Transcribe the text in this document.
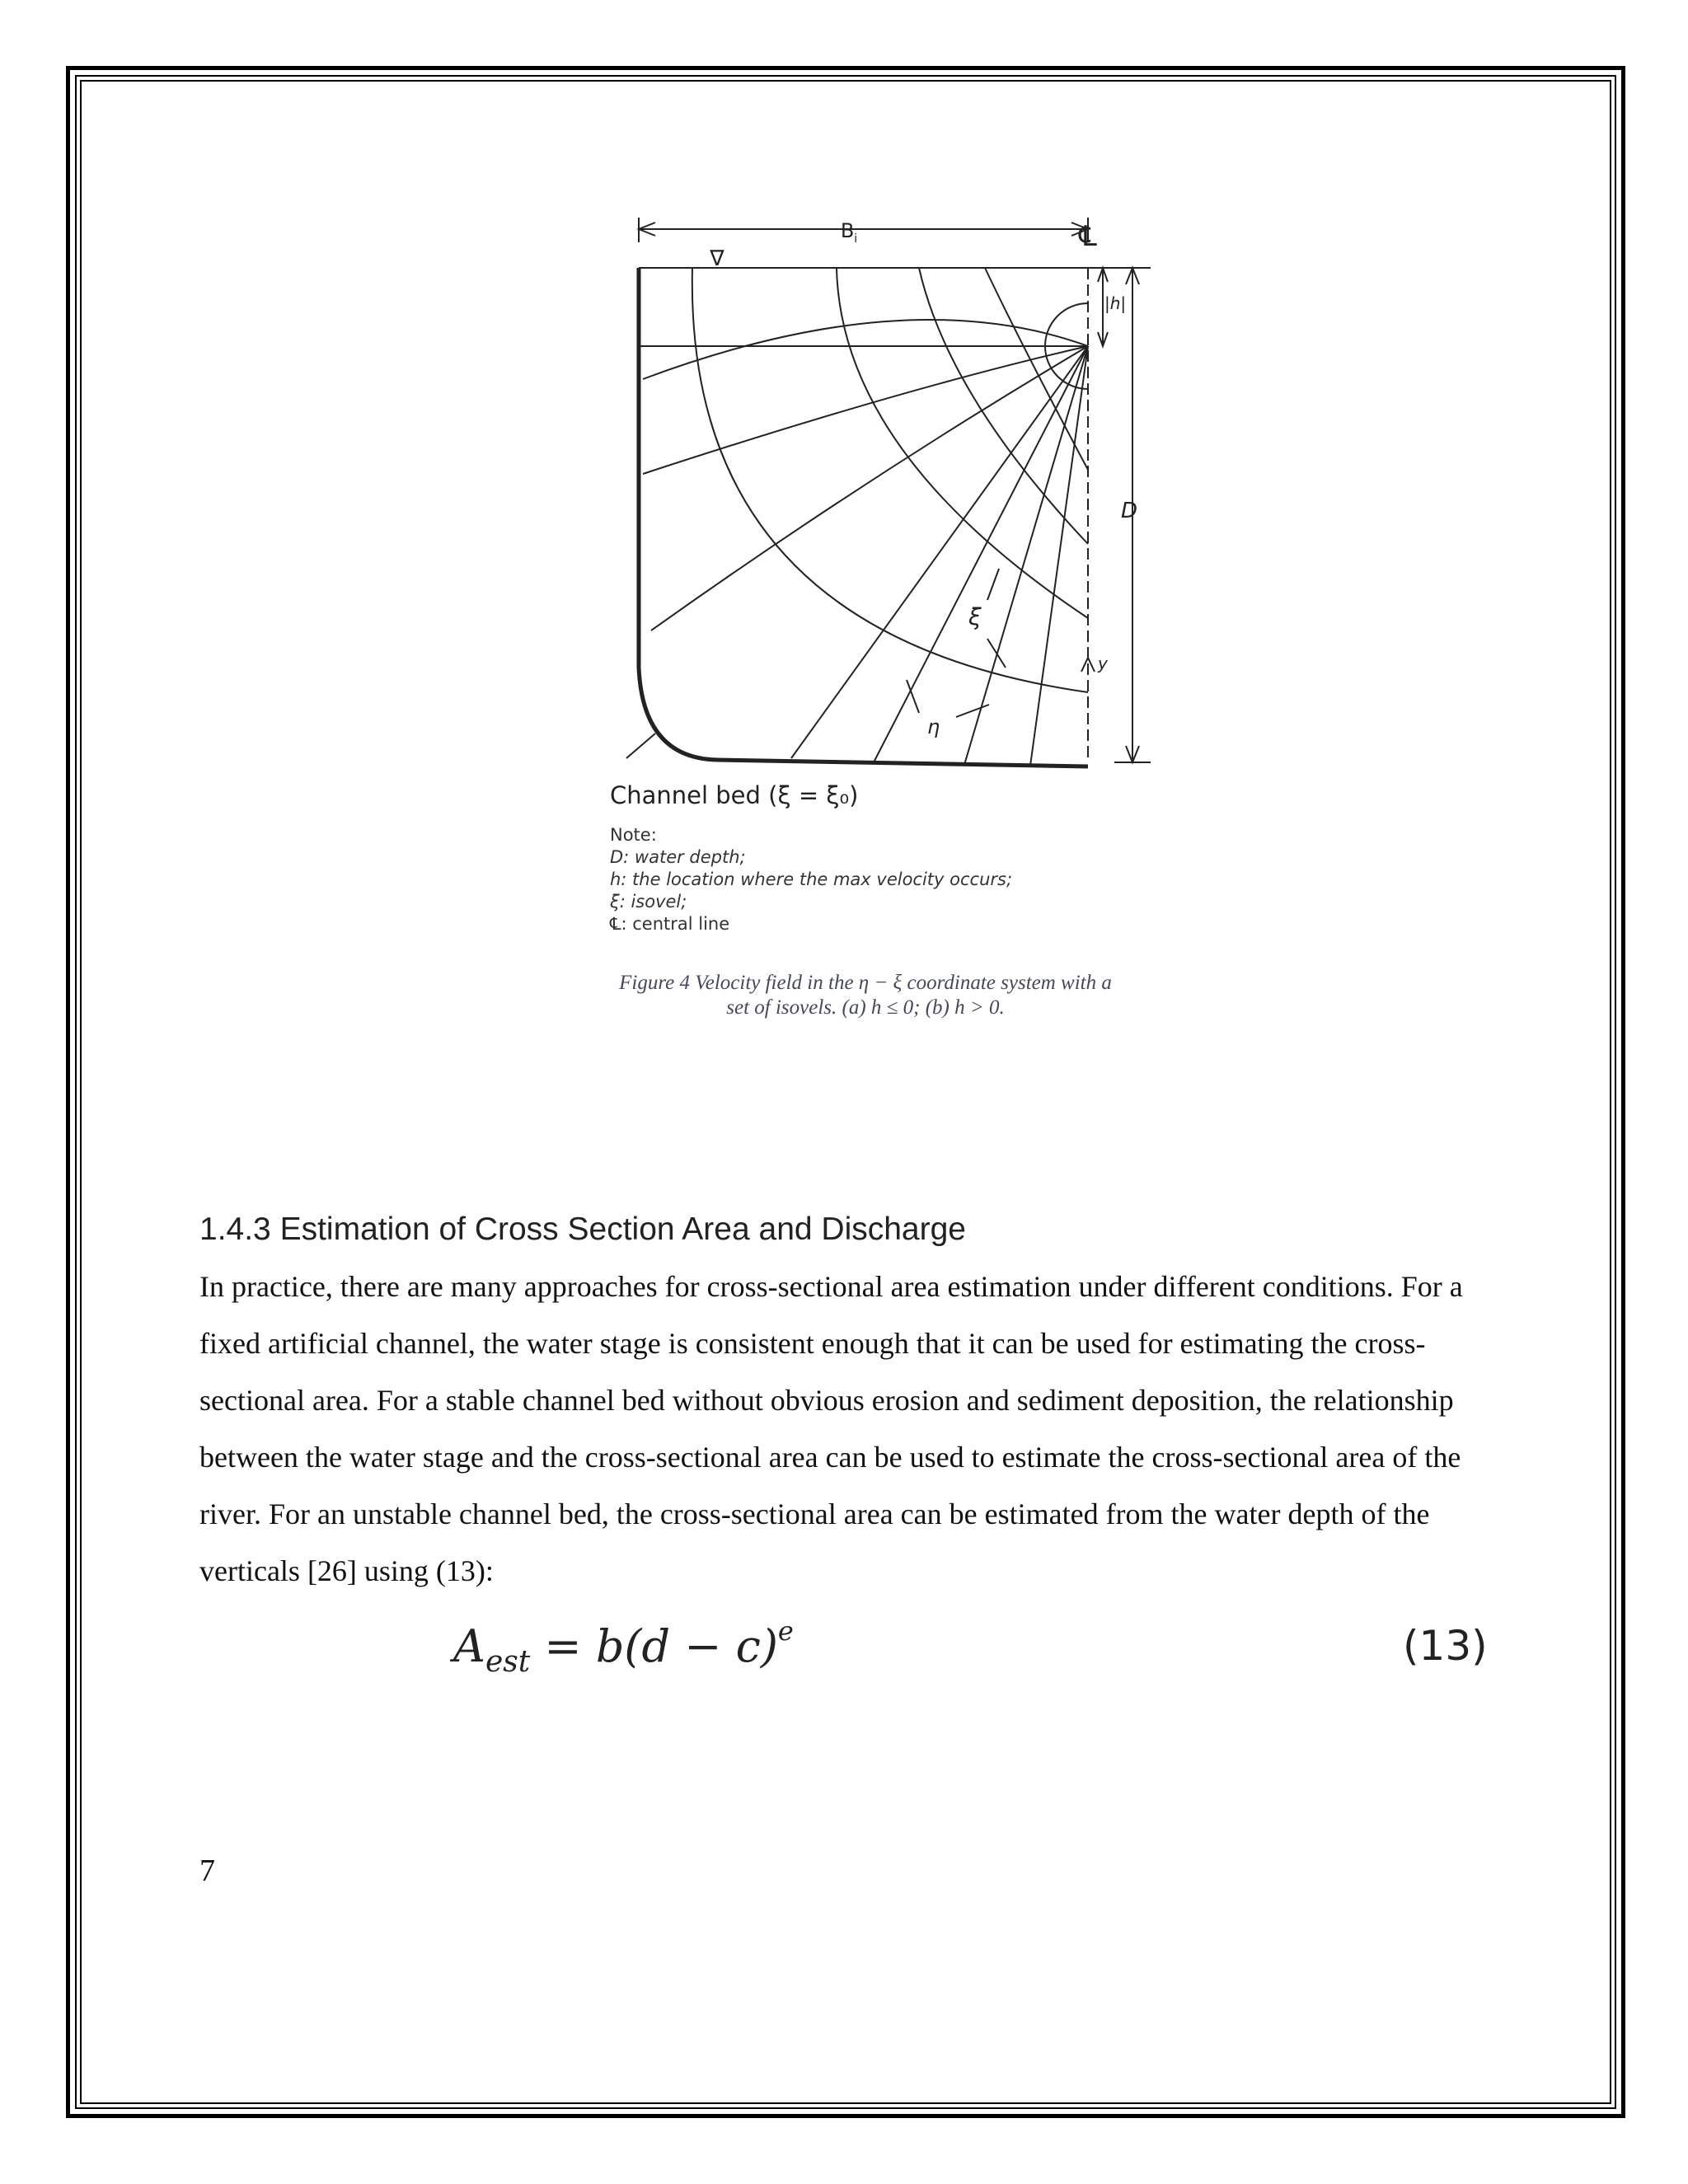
$B_i$	℄
∇
|h|
D
y
ξ
η
Channel bed (ξ = ξ₀)
Note:
D: water depth;
h: the location where the max velocity occurs;
ξ: isovel;
℄: central line
Figure 4 Velocity field in the η − ξ coordinate system with a
set of isovels. (a) h ≤ 0; (b) h > 0.
1.4.3 Estimation of Cross Section Area and Discharge

In practice, there are many approaches for cross-sectional area estimation under different conditions. For a fixed artificial channel, the water stage is consistent enough that it can be used for estimating the cross-sectional area. For a stable channel bed without obvious erosion and sediment deposition, the relationship between the water stage and the cross-sectional area can be used to estimate the cross-sectional area of the river. For an unstable channel bed, the cross-sectional area can be estimated from the water depth of the verticals [26] using (13):

$A_{est} = b(d - c)^e$	(13)
7
